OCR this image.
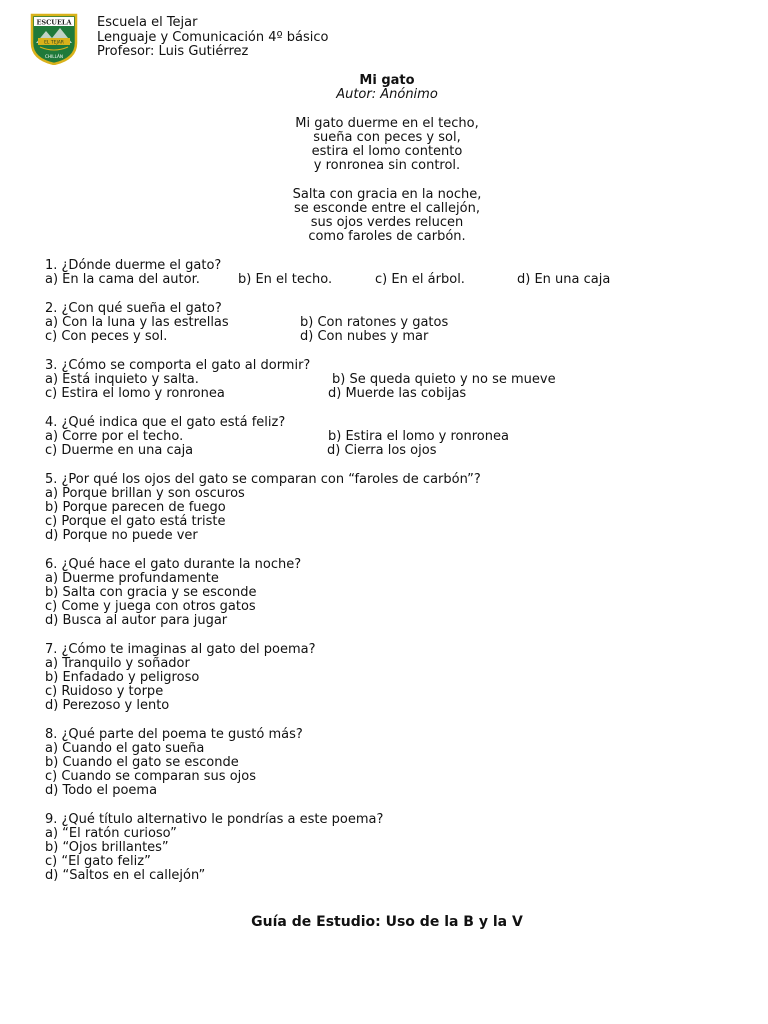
ESCUELA
EL TEJAR
CHILLÁN
Escuela el Tejar
Lenguaje y Comunicación 4º básico
Profesor: Luis Gutiérrez
Mi gato
Autor: Anónimo
Mi gato duerme en el techo,
sueña con peces y sol,
estira el lomo contento
y ronronea sin control.
Salta con gracia en la noche,
se esconde entre el callejón,
sus ojos verdes relucen
como faroles de carbón.
1. ¿Dónde duerme el gato?
a) En la cama del autor.	b) En el techo.	c) En el árbol.	d) En una caja
2. ¿Con qué sueña el gato?
a) Con la luna y las estrellas	b) Con ratones y gatos
c) Con peces y sol.	d) Con nubes y mar
3. ¿Cómo se comporta el gato al dormir?
a) Está inquieto y salta.	b) Se queda quieto y no se mueve
c) Estira el lomo y ronronea	d) Muerde las cobijas
4. ¿Qué indica que el gato está feliz?
a) Corre por el techo.	b) Estira el lomo y ronronea
c) Duerme en una caja	d) Cierra los ojos
5. ¿Por qué los ojos del gato se comparan con “faroles de carbón”?
a) Porque brillan y son oscuros
b) Porque parecen de fuego
c) Porque el gato está triste
d) Porque no puede ver
6. ¿Qué hace el gato durante la noche?
a) Duerme profundamente
b) Salta con gracia y se esconde
c) Come y juega con otros gatos
d) Busca al autor para jugar
7. ¿Cómo te imaginas al gato del poema?
a) Tranquilo y soñador
b) Enfadado y peligroso
c) Ruidoso y torpe
d) Perezoso y lento
8. ¿Qué parte del poema te gustó más?
a) Cuando el gato sueña
b) Cuando el gato se esconde
c) Cuando se comparan sus ojos
d) Todo el poema
9. ¿Qué título alternativo le pondrías a este poema?
a) “El ratón curioso”
b) “Ojos brillantes”
c) “El gato feliz”
d) “Saltos en el callejón”
Guía de Estudio: Uso de la B y la V
